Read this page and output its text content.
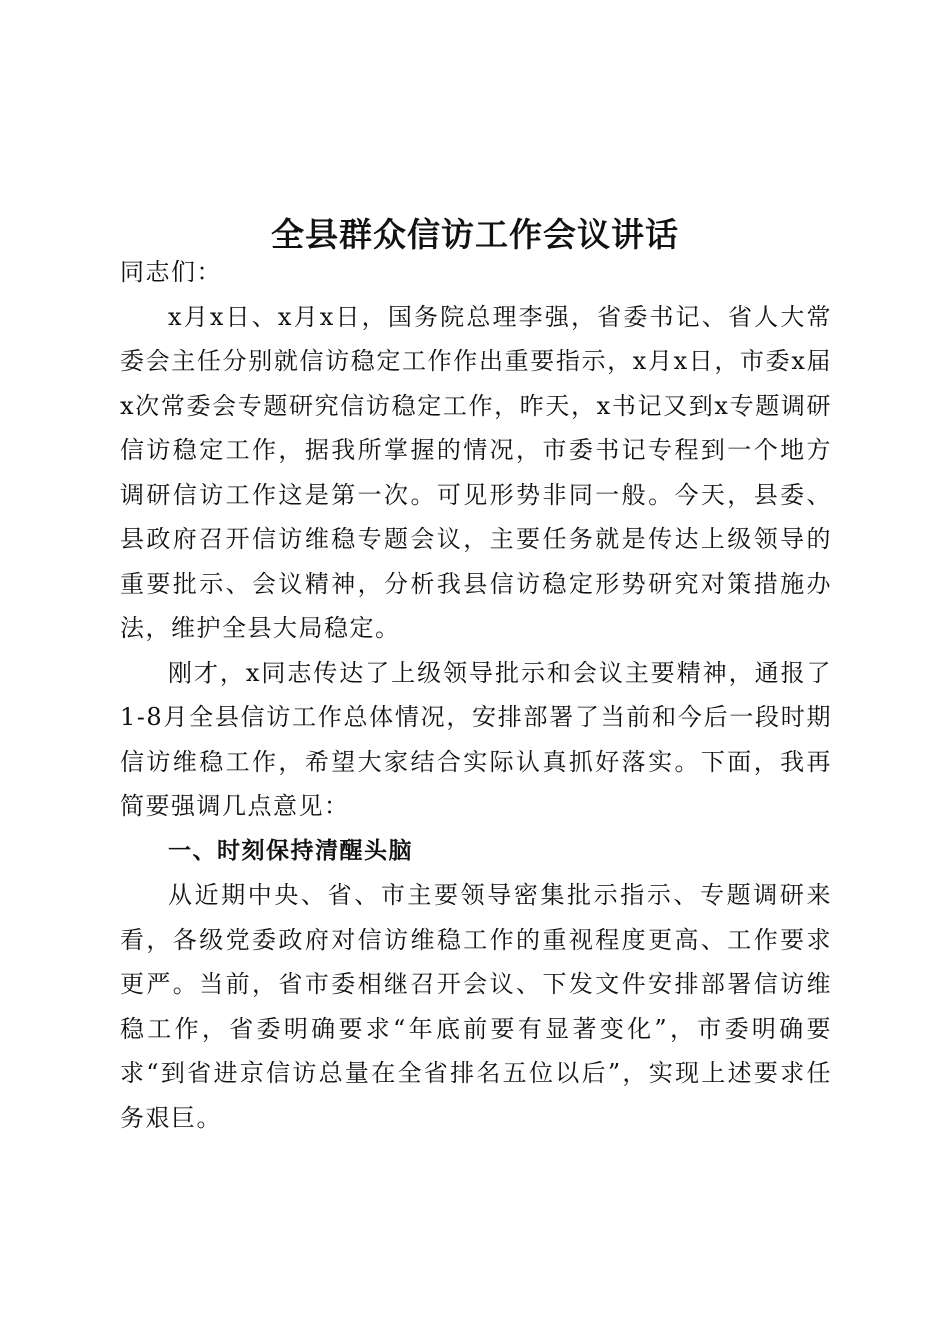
全县群众信访工作会议讲话

同志们：

x月x日、x月x日，国务院总理李强，省委书记、省人大常委会主任分别就信访稳定工作作出重要指示，x月x日，市委x届x次常委会专题研究信访稳定工作，昨天，x书记又到x专题调研信访稳定工作，据我所掌握的情况，市委书记专程到一个地方调研信访工作这是第一次。可见形势非同一般。今天，县委、县政府召开信访维稳专题会议，主要任务就是传达上级领导的重要批示、会议精神，分析我县信访稳定形势研究对策措施办法，维护全县大局稳定。

刚才，x同志传达了上级领导批示和会议主要精神，通报了1-8月全县信访工作总体情况，安排部署了当前和今后一段时期信访维稳工作，希望大家结合实际认真抓好落实。下面，我再简要强调几点意见：

一、时刻保持清醒头脑

从近期中央、省、市主要领导密集批示指示、专题调研来看，各级党委政府对信访维稳工作的重视程度更高、工作要求更严。当前，省市委相继召开会议、下发文件安排部署信访维稳工作，省委明确要求“年底前要有显著变化”，市委明确要求“到省进京信访总量在全省排名五位以后”，实现上述要求任务艰巨。
